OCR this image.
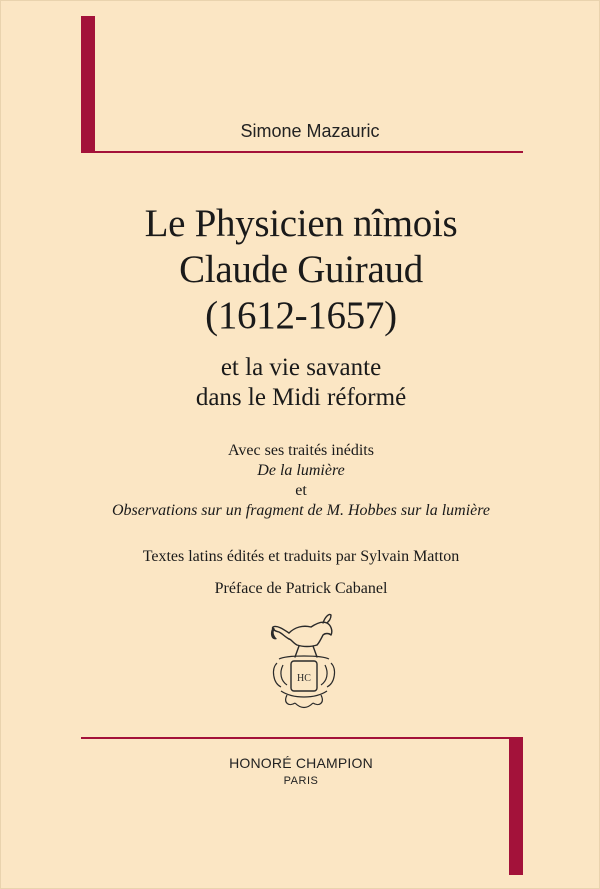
Simone Mazauric
Le Physicien nîmois
Claude Guiraud
(1612-1657)
et la vie savante
dans le Midi réformé
Avec ses traités inédits
De la lumière
et
Observations sur un fragment de M. Hobbes sur la lumière
Textes latins édités et traduits par Sylvain Matton
Préface de Patrick Cabanel
HC
HONORÉ CHAMPION
PARIS
